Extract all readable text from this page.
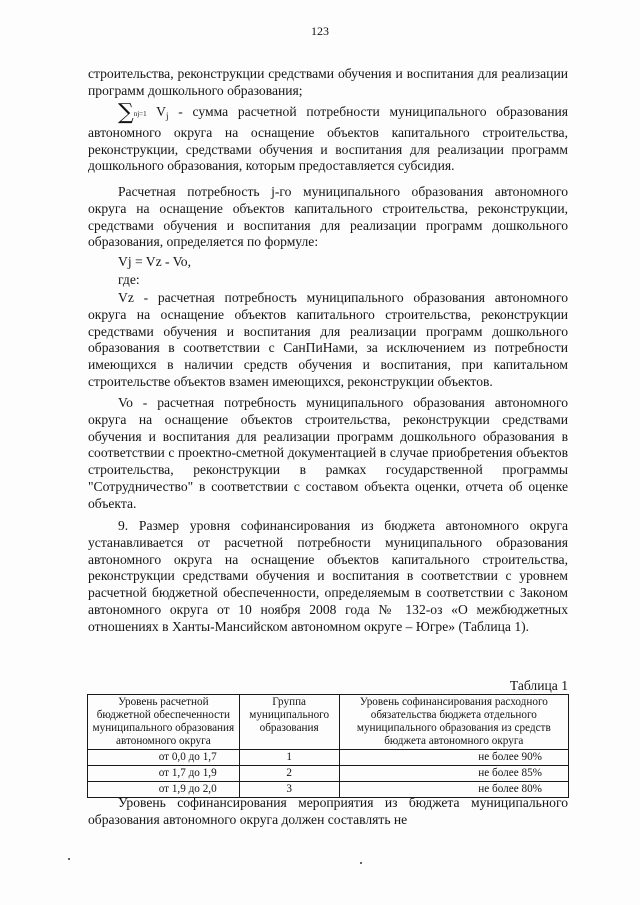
123

строительства, реконструкции средствами обучения и воспитания для реализации программ дошкольного образования;

∑nj=1 $V_j$ - сумма расчетной потребности муниципального образования автономного округа на оснащение объектов капитального строительства, реконструкции, средствами обучения и воспитания для реализации программ дошкольного образования, которым предоставляется субсидия.

Расчетная потребность j-го муниципального образования автономного округа на оснащение объектов капитального строительства, реконструкции, средствами обучения и воспитания для реализации программ дошкольного образования, определяется по формуле:

Vj = Vz - Vo,
где:

Vz - расчетная потребность муниципального образования автономного округа на оснащение объектов капитального строительства, реконструкции средствами обучения и воспитания для реализации программ дошкольного образования в соответствии с СанПиНами, за исключением из потребности имеющихся в наличии средств обучения и воспитания, при капитальном строительстве объектов взамен имеющихся, реконструкции объектов.

Vo - расчетная потребность муниципального образования автономного округа на оснащение объектов строительства, реконструкции средствами обучения и воспитания для реализации программ дошкольного образования в соответствии с проектно-сметной документацией в случае приобретения объектов строительства, реконструкции в рамках государственной программы "Сотрудничество" в соответствии с составом объекта оценки, отчета об оценке объекта.

9. Размер уровня софинансирования из бюджета автономного округа устанавливается от расчетной потребности муниципального образования автономного округа на оснащение объектов капитального строительства, реконструкции средствами обучения и воспитания в соответствии с уровнем расчетной бюджетной обеспеченности, определяемым в соответствии с Законом автономного округа от 10 ноября 2008 года № 132-оз «О межбюджетных отношениях в Ханты-Мансийском автономном округе – Югре» (Таблица 1).

Таблица 1
Уровень расчетной бюджетной обеспеченности муниципального образования автономного округа	Группа муниципального образования	Уровень софинансирования расходного обязательства бюджета отдельного муниципального образования из средств бюджета автономного округа
от 0,0 до 1,7	1	не более 90%
от 1,7 до 1,9	2	не более 85%
от 1,9 до 2,0	3	не более 80%

Уровень софинансирования мероприятия из бюджета муниципального образования автономного округа должен составлять не
